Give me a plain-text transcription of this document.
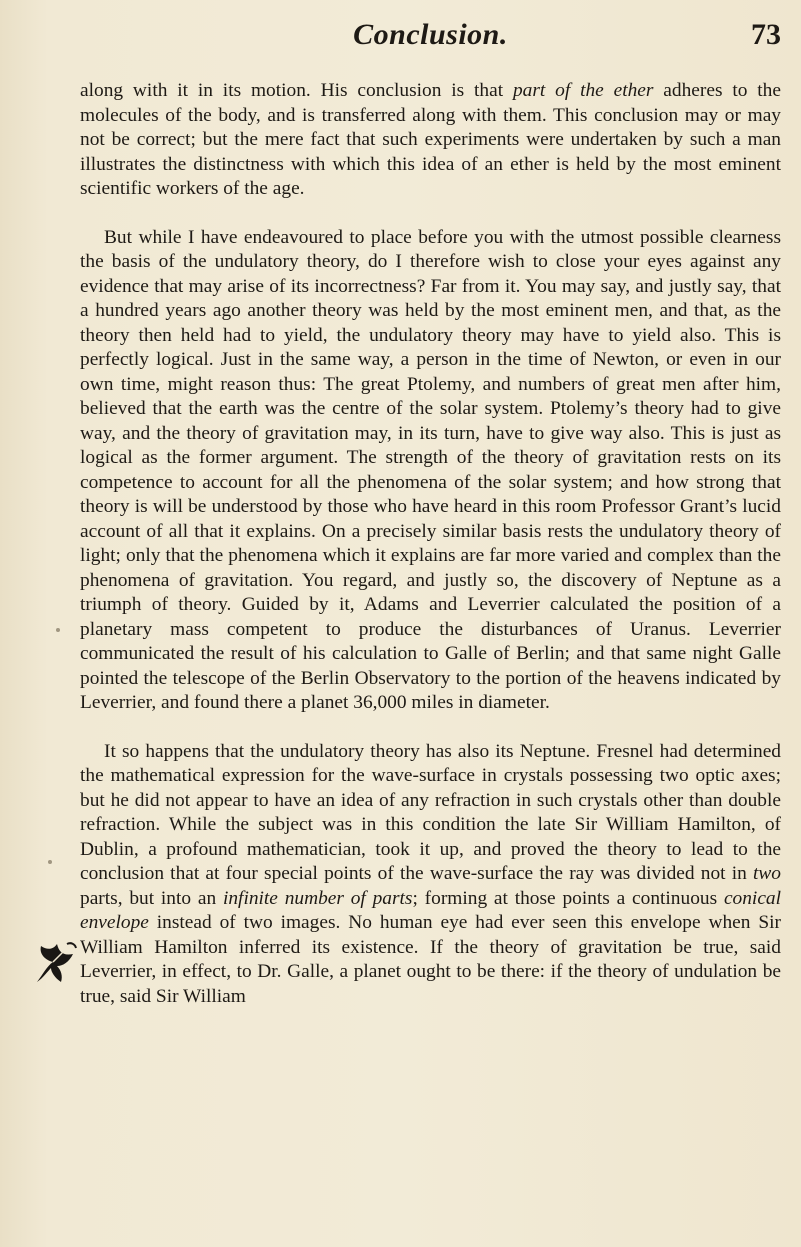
Conclusion.	73

along with it in its motion. His conclusion is that part of the ether adheres to the molecules of the body, and is transferred along with them. This conclusion may or may not be correct; but the mere fact that such experiments were undertaken by such a man illustrates the distinctness with which this idea of an ether is held by the most eminent scientific workers of the age.

But while I have endeavoured to place before you with the utmost possible clearness the basis of the undulatory theory, do I therefore wish to close your eyes against any evidence that may arise of its incorrectness? Far from it. You may say, and justly say, that a hundred years ago another theory was held by the most eminent men, and that, as the theory then held had to yield, the undulatory theory may have to yield also. This is perfectly logical. Just in the same way, a person in the time of Newton, or even in our own time, might reason thus: The great Ptolemy, and numbers of great men after him, believed that the earth was the centre of the solar system. Ptolemy’s theory had to give way, and the theory of gravitation may, in its turn, have to give way also. This is just as logical as the former argument. The strength of the theory of gravitation rests on its competence to account for all the phenomena of the solar system; and how strong that theory is will be understood by those who have heard in this room Professor Grant’s lucid account of all that it explains. On a precisely similar basis rests the undulatory theory of light; only that the phenomena which it explains are far more varied and complex than the phenomena of gravitation. You regard, and justly so, the discovery of Neptune as a triumph of theory. Guided by it, Adams and Leverrier calculated the position of a planetary mass competent to produce the disturbances of Uranus. Leverrier communicated the result of his calculation to Galle of Berlin; and that same night Galle pointed the telescope of the Berlin Observatory to the portion of the heavens indicated by Leverrier, and found there a planet 36,000 miles in diameter.

It so happens that the undulatory theory has also its Neptune. Fresnel had determined the mathematical expression for the wave-surface in crystals possessing two optic axes; but he did not appear to have an idea of any refraction in such crystals other than double refraction. While the subject was in this condition the late Sir William Hamilton, of Dublin, a profound mathematician, took it up, and proved the theory to lead to the conclusion that at four special points of the wave-surface the ray was divided not in two parts, but into an infinite number of parts; forming at those points a continuous conical envelope instead of two images. No human eye had ever seen this envelope when Sir William Hamilton inferred its existence. If the theory of gravitation be true, said Leverrier, in effect, to Dr. Galle, a planet ought to be there: if the theory of undulation be true, said Sir William
